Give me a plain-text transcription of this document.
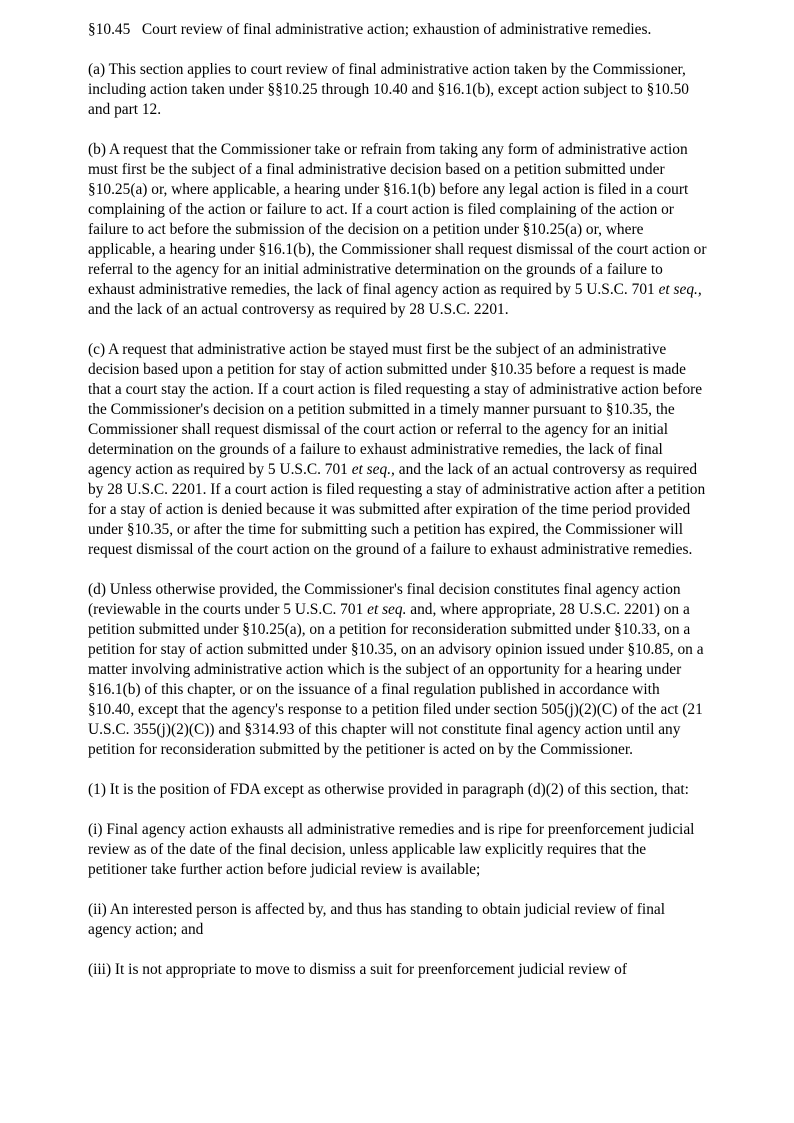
§10.45 Court review of final administrative action; exhaustion of administrative remedies.

(a) This section applies to court review of final administrative action taken by the Commissioner, including action taken under §§10.25 through 10.40 and §16.1(b), except action subject to §10.50 and part 12.

(b) A request that the Commissioner take or refrain from taking any form of administrative action must first be the subject of a final administrative decision based on a petition submitted under §10.25(a) or, where applicable, a hearing under §16.1(b) before any legal action is filed in a court complaining of the action or failure to act. If a court action is filed complaining of the action or failure to act before the submission of the decision on a petition under §10.25(a) or, where applicable, a hearing under §16.1(b), the Commissioner shall request dismissal of the court action or referral to the agency for an initial administrative determination on the grounds of a failure to exhaust administrative remedies, the lack of final agency action as required by 5 U.S.C. 701 et seq., and the lack of an actual controversy as required by 28 U.S.C. 2201.

(c) A request that administrative action be stayed must first be the subject of an administrative decision based upon a petition for stay of action submitted under §10.35 before a request is made that a court stay the action. If a court action is filed requesting a stay of administrative action before the Commissioner's decision on a petition submitted in a timely manner pursuant to §10.35, the Commissioner shall request dismissal of the court action or referral to the agency for an initial determination on the grounds of a failure to exhaust administrative remedies, the lack of final agency action as required by 5 U.S.C. 701 et seq., and the lack of an actual controversy as required by 28 U.S.C. 2201. If a court action is filed requesting a stay of administrative action after a petition for a stay of action is denied because it was submitted after expiration of the time period provided under §10.35, or after the time for submitting such a petition has expired, the Commissioner will request dismissal of the court action on the ground of a failure to exhaust administrative remedies.

(d) Unless otherwise provided, the Commissioner's final decision constitutes final agency action (reviewable in the courts under 5 U.S.C. 701 et seq. and, where appropriate, 28 U.S.C. 2201) on a petition submitted under §10.25(a), on a petition for reconsideration submitted under §10.33, on a petition for stay of action submitted under §10.35, on an advisory opinion issued under §10.85, on a matter involving administrative action which is the subject of an opportunity for a hearing under §16.1(b) of this chapter, or on the issuance of a final regulation published in accordance with §10.40, except that the agency's response to a petition filed under section 505(j)(2)(C) of the act (21 U.S.C. 355(j)(2)(C)) and §314.93 of this chapter will not constitute final agency action until any petition for reconsideration submitted by the petitioner is acted on by the Commissioner.

(1) It is the position of FDA except as otherwise provided in paragraph (d)(2) of this section, that:

(i) Final agency action exhausts all administrative remedies and is ripe for preenforcement judicial review as of the date of the final decision, unless applicable law explicitly requires that the petitioner take further action before judicial review is available;

(ii) An interested person is affected by, and thus has standing to obtain judicial review of final agency action; and

(iii) It is not appropriate to move to dismiss a suit for preenforcement judicial review of
